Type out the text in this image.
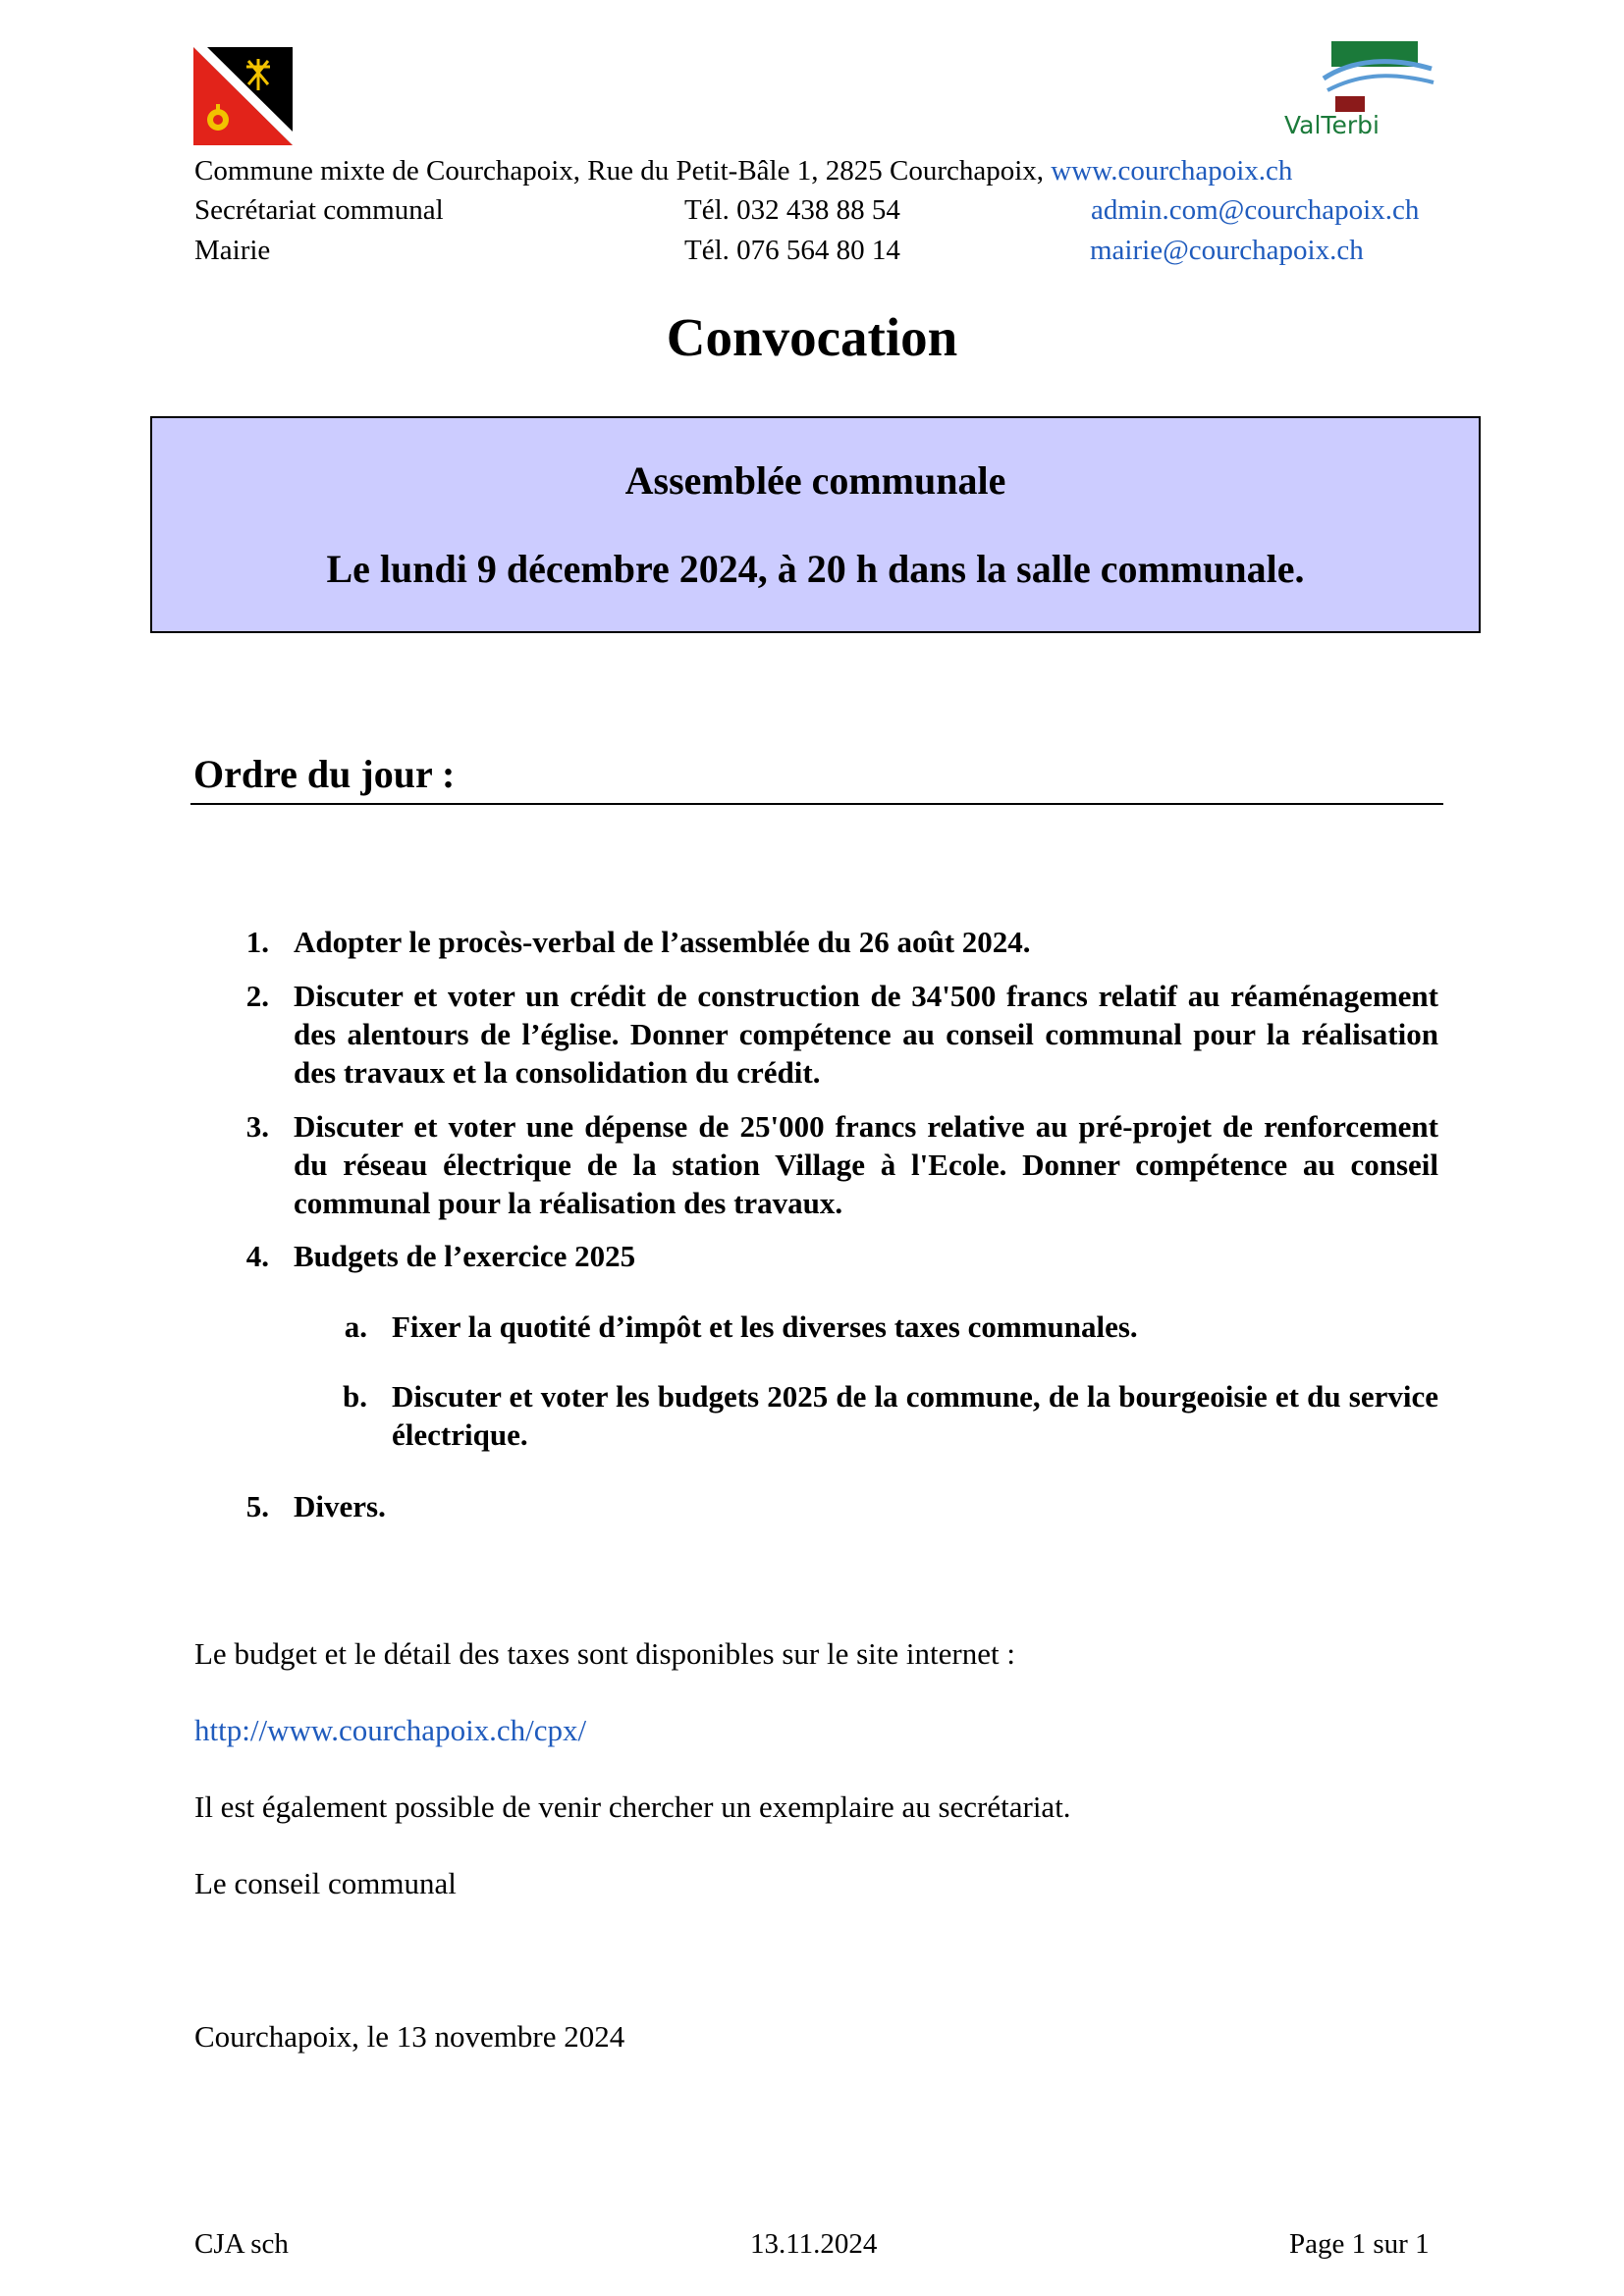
ValTerbi
Commune mixte de Courchapoix, Rue du Petit-Bâle 1, 2825 Courchapoix, www.courchapoix.ch
Secrétariat communal	Tél. 032 438 88 54	admin.com@courchapoix.ch
Mairie	Tél. 076 564 80 14	mairie@courchapoix.ch
Convocation
Assemblée communale
Le lundi 9 décembre 2024, à 20 h dans la salle communale.
Ordre du jour :
1. Adopter le procès-verbal de l’assemblée du 26 août 2024.
2. Discuter et voter un crédit de construction de 34'500 francs relatif au réaménagement des alentours de l’église. Donner compétence au conseil communal pour la réalisation des travaux et la consolidation du crédit.
3. Discuter et voter une dépense de 25'000 francs relative au pré-projet de renforcement du réseau électrique de la station Village à l'Ecole. Donner compétence au conseil communal pour la réalisation des travaux.
4. Budgets de l’exercice 2025
a. Fixer la quotité d’impôt et les diverses taxes communales.
b. Discuter et voter les budgets 2025 de la commune, de la bourgeoisie et du service électrique.
5. Divers.
Le budget et le détail des taxes sont disponibles sur le site internet :
http://www.courchapoix.ch/cpx/
Il est également possible de venir chercher un exemplaire au secrétariat.
Le conseil communal
Courchapoix, le 13 novembre 2024
CJA sch	13.11.2024	Page 1 sur 1
